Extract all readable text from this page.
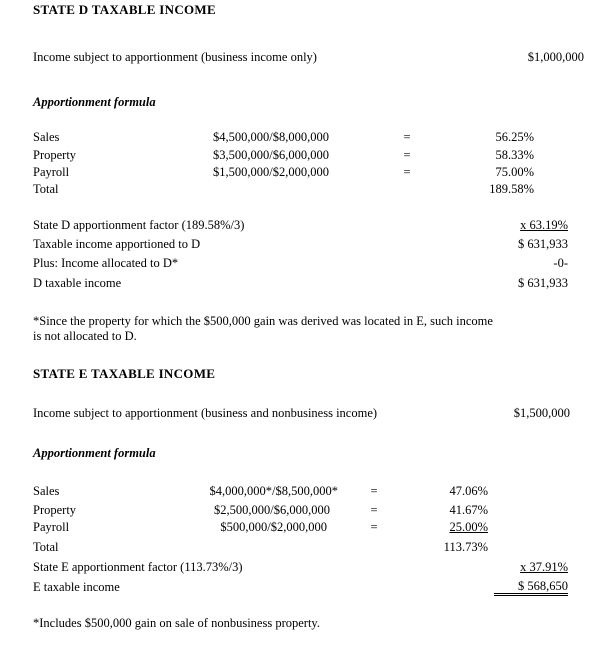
STATE D TAXABLE INCOME
Income subject to apportionment (business income only)	$1,000,000
Apportionment formula
Sales	$4,500,000/$8,000,000	=	56.25%
Property	$3,500,000/$6,000,000	=	58.33%
Payroll	$1,500,000/$2,000,000	=	75.00%
Total	189.58%
State D apportionment factor (189.58%/3)	x 63.19%
Taxable income apportioned to D	$ 631,933
Plus: Income allocated to D*	-0-
D taxable income	$ 631,933
*Since the property for which the $500,000 gain was derived was located in E, such income
is not allocated to D.
STATE E TAXABLE INCOME
Income subject to apportionment (business and nonbusiness income)	$1,500,000
Apportionment formula
Sales	$4,000,000*/$8,500,000*	=	47.06%
Property	$2,500,000/$6,000,000	=	41.67%
Payroll	$500,000/$2,000,000	=	25.00%
Total	113.73%
State E apportionment factor (113.73%/3)	x 37.91%
E taxable income	$ 568,650
*Includes $500,000 gain on sale of nonbusiness property.
